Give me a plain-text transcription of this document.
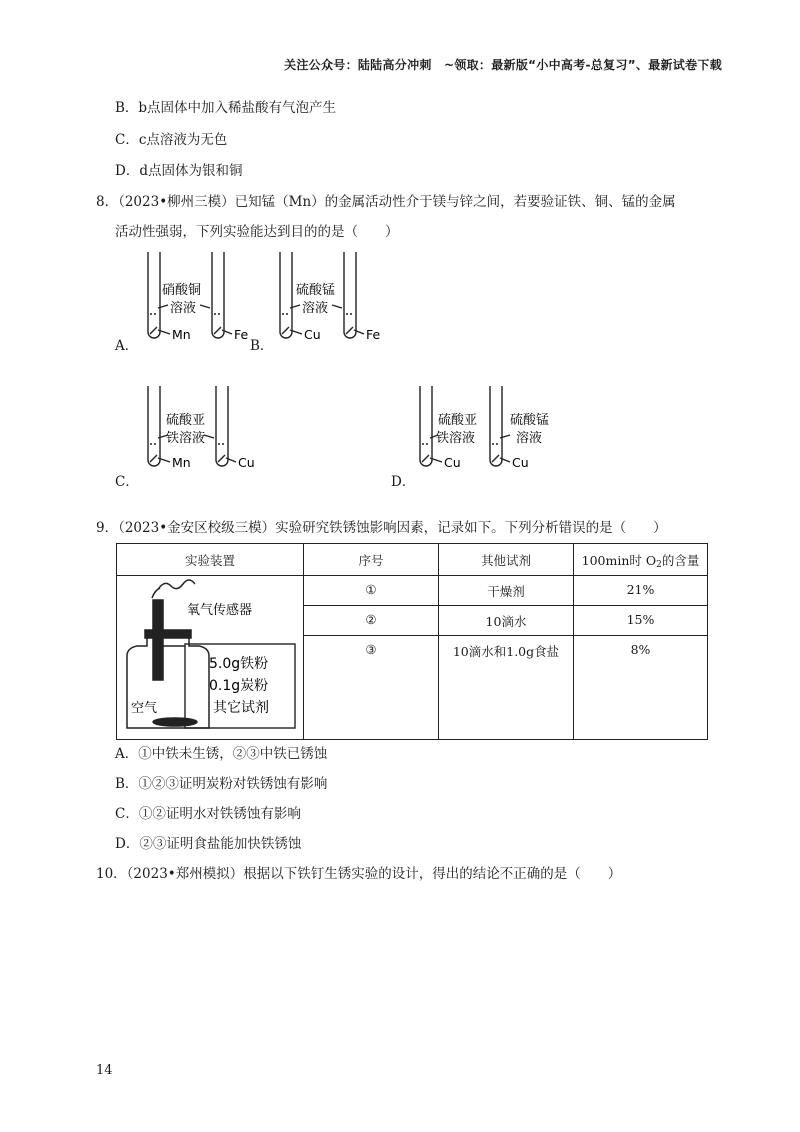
关注公众号：陆陆高分冲刺　~领取：最新版“小中高考-总复习”、最新试卷下载
B．b点固体中加入稀盐酸有气泡产生
C．c点溶液为无色
D．d点固体为银和铜
8．（2023•柳州三模）已知锰（Mn）的金属活动性介于镁与锌之间，若要验证铁、铜、锰的金属
活动性强弱，下列实验能达到目的的是（　　）
A．
硝酸铜
溶液
Mn	Fe
B．
硫酸锰
溶液
Cu	Fe
C．
硫酸亚
铁溶液
Mn	Cu
D．
硫酸亚
铁溶液
硫酸锰
溶液
Cu	Cu
9．（2023•金安区校级三模）实验研究铁锈蚀影响因素，记录如下。下列分析错误的是（　　）
实验装置	序号	其他试剂	100min时 $O_2$的含量

氧气传感器
5.0g铁粉
0.1g炭粉
其它试剂
空气	①	干燥剂	21%
	②	10滴水	15%
	③	10滴水和1.0g食盐	8%
A．①中铁未生锈，②③中铁已锈蚀
B．①②③证明炭粉对铁锈蚀有影响
C．①②证明水对铁锈蚀有影响
D．②③证明食盐能加快铁锈蚀
10．（2023•郑州模拟）根据以下铁钉生锈实验的设计，得出的结论不正确的是（　　）
14
